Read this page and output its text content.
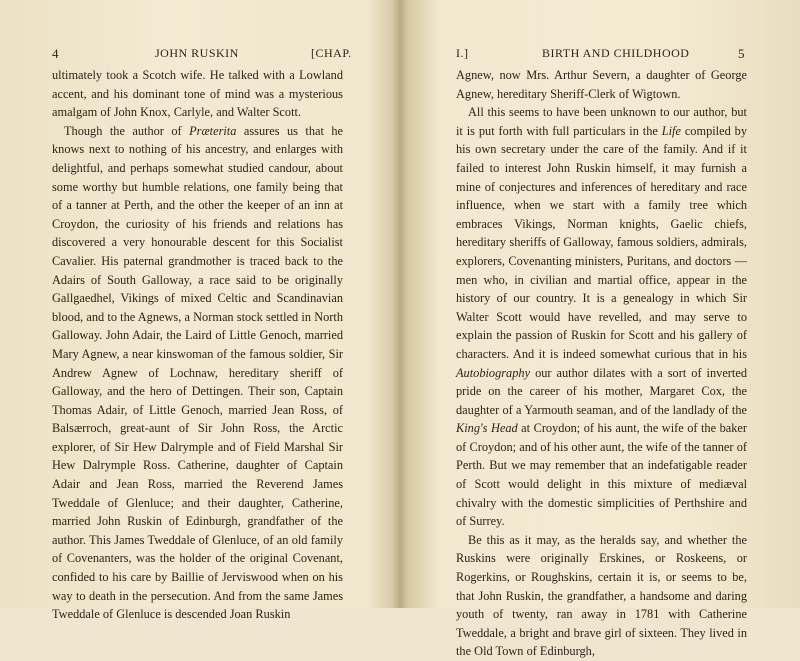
4	JOHN RUSKIN	[CHAP.

ultimately took a Scotch wife. He talked with a Lowland accent, and his dominant tone of mind was a mysterious amalgam of John Knox, Carlyle, and Walter Scott.

Though the author of Præterita assures us that he knows next to nothing of his ancestry, and enlarges with delightful, and perhaps somewhat studied candour, about some worthy but humble relations, one family being that of a tanner at Perth, and the other the keeper of an inn at Croydon, the curiosity of his friends and relations has discovered a very honourable descent for this Socialist Cavalier. His paternal grandmother is traced back to the Adairs of South Galloway, a race said to be originally Gallgaedhel, Vikings of mixed Celtic and Scandinavian blood, and to the Agnews, a Norman stock settled in North Galloway. John Adair, the Laird of Little Genoch, married Mary Agnew, a near kinswoman of the famous soldier, Sir Andrew Agnew of Lochnaw, hereditary sheriff of Galloway, and the hero of Dettingen. Their son, Captain Thomas Adair, of Little Genoch, married Jean Ross, of Balsærroch, great-aunt of Sir John Ross, the Arctic explorer, of Sir Hew Dalrymple and of Field Marshal Sir Hew Dalrymple Ross. Catherine, daughter of Captain Adair and Jean Ross, married the Reverend James Tweddale of Glenluce; and their daughter, Catherine, married John Ruskin of Edinburgh, grandfather of the author. This James Tweddale of Glenluce, of an old family of Covenanters, was the holder of the original Covenant, confided to his care by Baillie of Jerviswood when on his way to death in the persecution. And from the same James Tweddale of Glenluce is descended Joan Ruskin

I.]	BIRTH AND CHILDHOOD	5

Agnew, now Mrs. Arthur Severn, a daughter of George Agnew, hereditary Sheriff-Clerk of Wigtown.

All this seems to have been unknown to our author, but it is put forth with full particulars in the Life compiled by his own secretary under the care of the family. And if it failed to interest John Ruskin himself, it may furnish a mine of conjectures and inferences of hereditary and race influence, when we start with a family tree which embraces Vikings, Norman knights, Gaelic chiefs, hereditary sheriffs of Galloway, famous soldiers, admirals, explorers, Covenanting ministers, Puritans, and doctors — men who, in civilian and martial office, appear in the history of our country. It is a genealogy in which Sir Walter Scott would have revelled, and may serve to explain the passion of Ruskin for Scott and his gallery of characters. And it is indeed somewhat curious that in his Autobiography our author dilates with a sort of inverted pride on the career of his mother, Margaret Cox, the daughter of a Yarmouth seaman, and of the landlady of the King's Head at Croydon; of his aunt, the wife of the baker of Croydon; and of his other aunt, the wife of the tanner of Perth. But we may remember that an indefatigable reader of Scott would delight in this mixture of mediæval chivalry with the domestic simplicities of Perthshire and of Surrey.

Be this as it may, as the heralds say, and whether the Ruskins were originally Erskines, or Roskeens, or Rogerkins, or Roughskins, certain it is, or seems to be, that John Ruskin, the grandfather, a handsome and daring youth of twenty, ran away in 1781 with Catherine Tweddale, a bright and brave girl of sixteen. They lived in the Old Town of Edinburgh,
